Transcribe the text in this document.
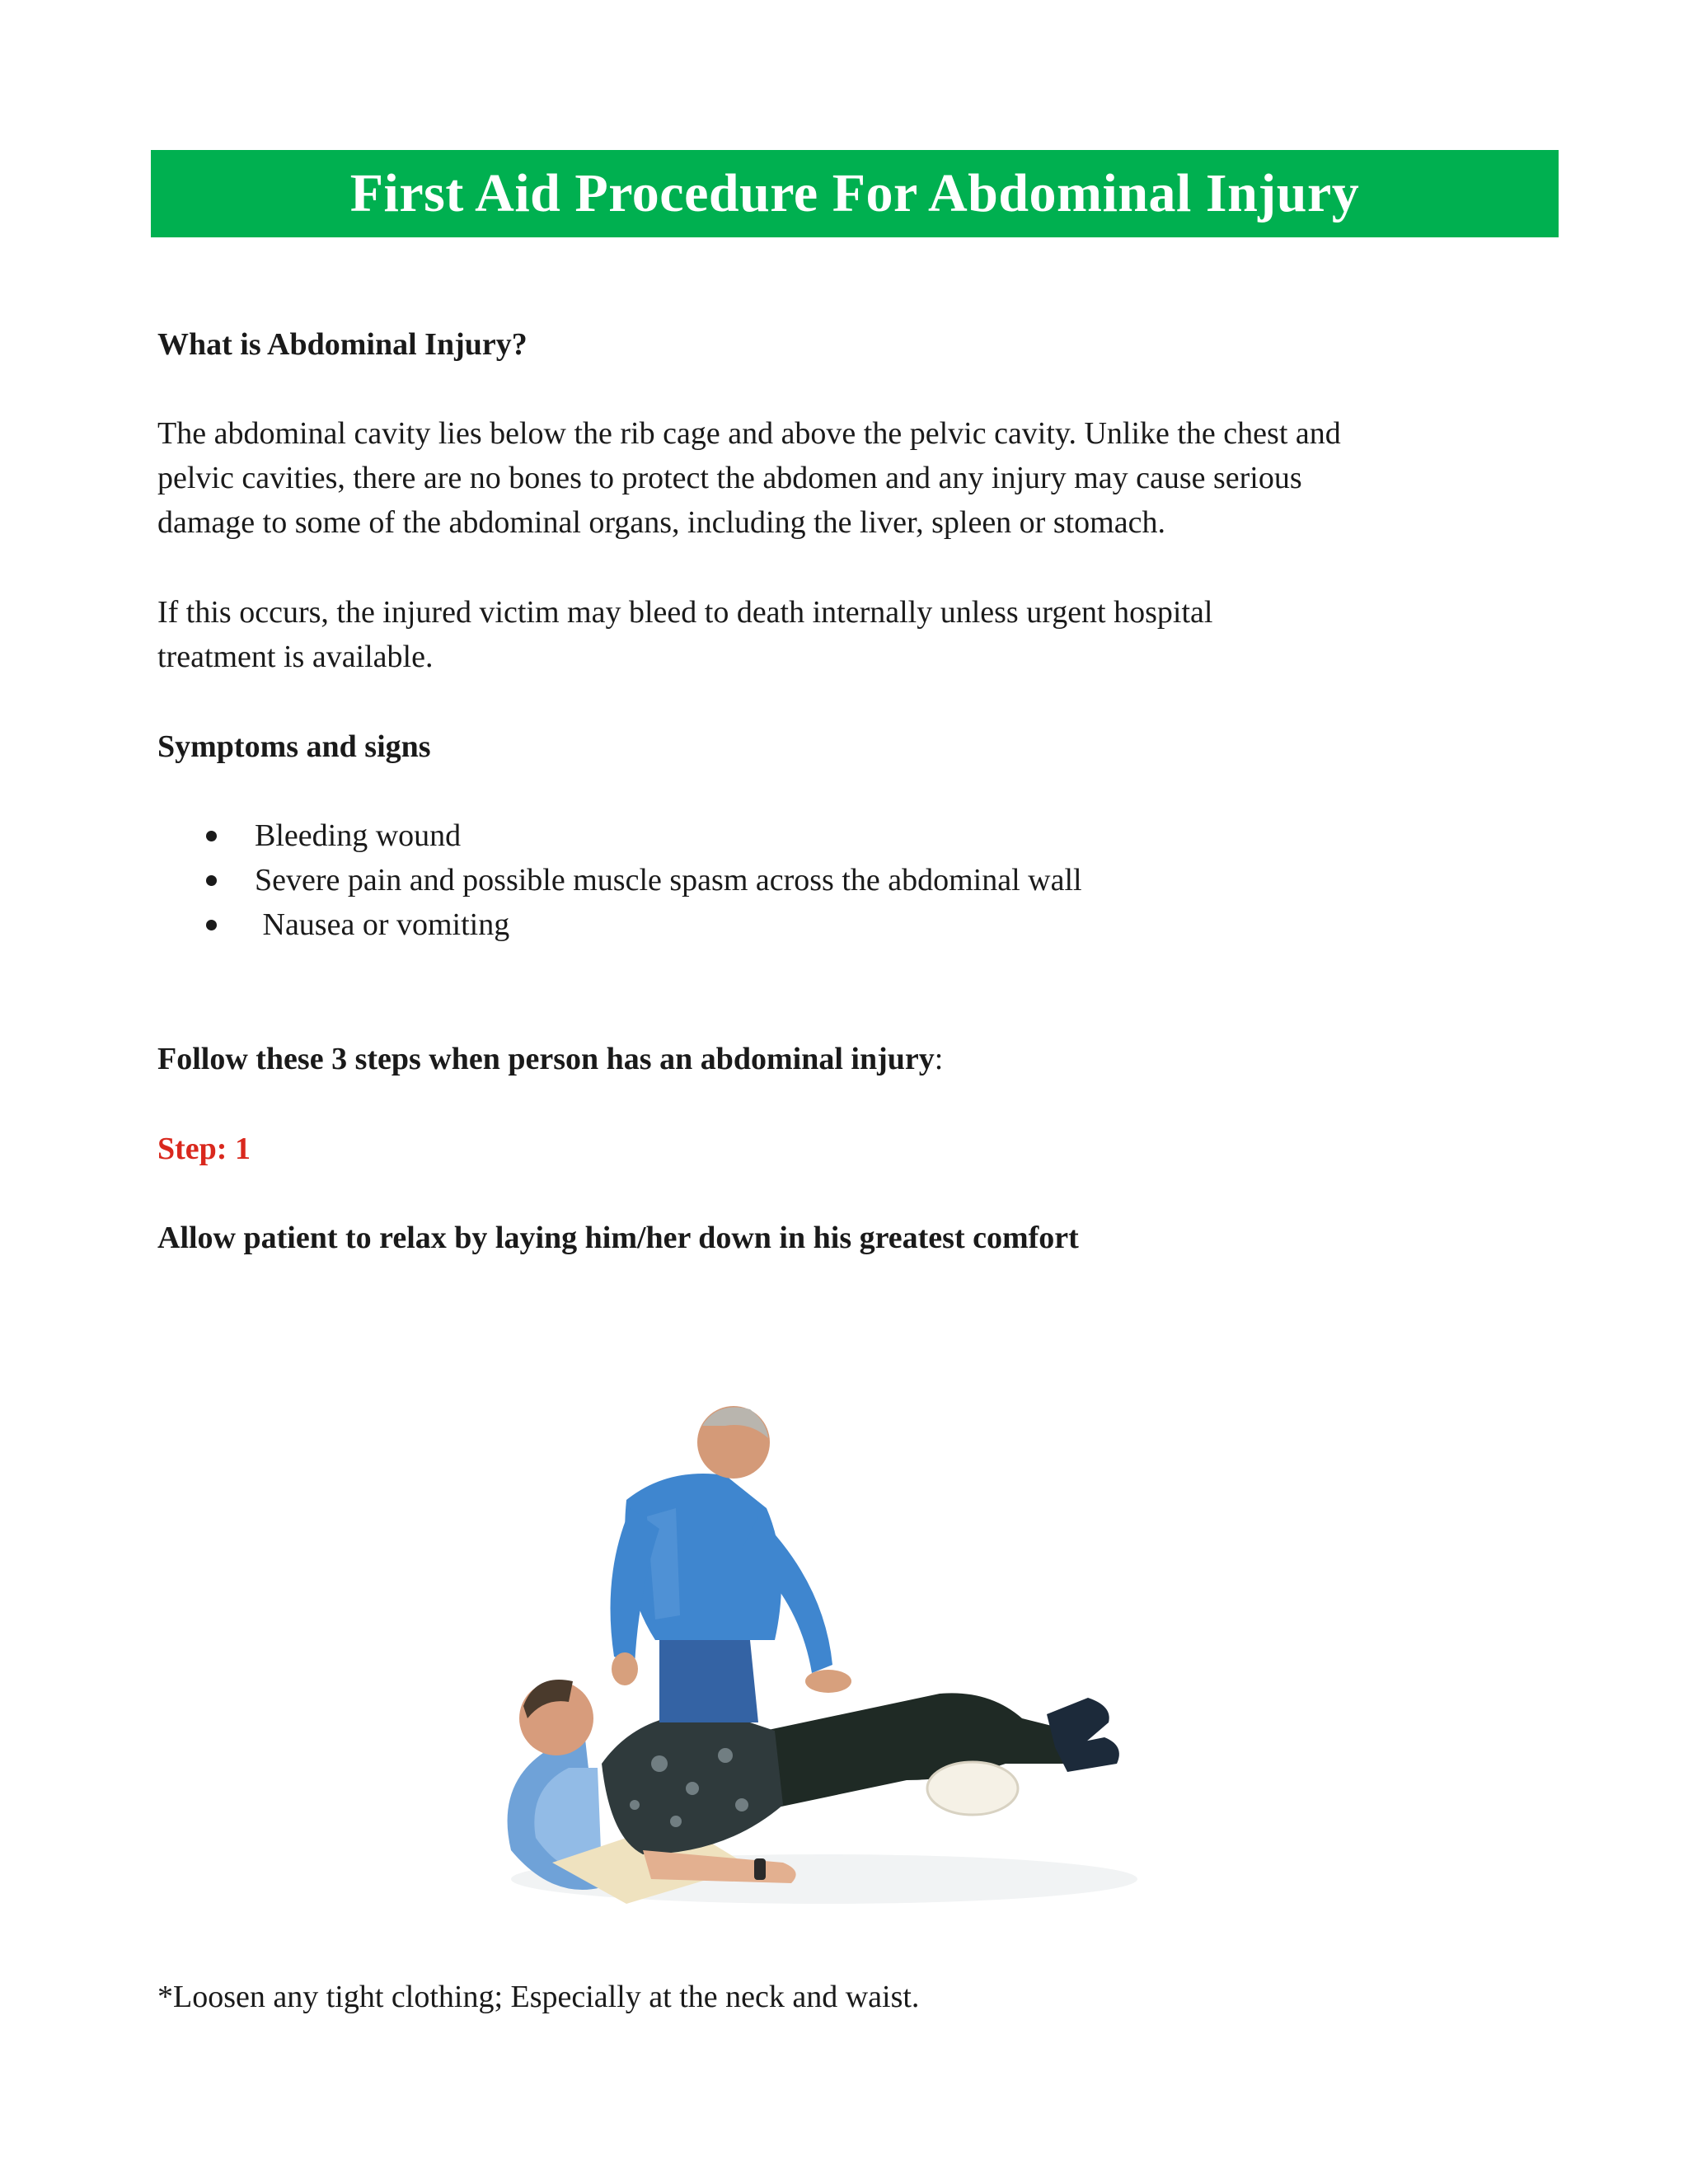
First Aid Procedure For Abdominal Injury

What is Abdominal Injury?

The abdominal cavity lies below the rib cage and above the pelvic cavity. Unlike the chest and

pelvic cavities, there are no bones to protect the abdomen and any injury may cause serious

damage to some of the abdominal organs, including the liver, spleen or stomach.

If this occurs, the injured victim may bleed to death internally unless urgent hospital

treatment is available.

Symptoms and signs

Bleeding wound
Severe pain and possible muscle spasm across the abdominal wall
Nausea or vomiting

Follow these 3 steps when person has an abdominal injury:

Step: 1

Allow patient to relax by laying him/her down in his greatest comfort

*Loosen any tight clothing; Especially at the neck and waist.
